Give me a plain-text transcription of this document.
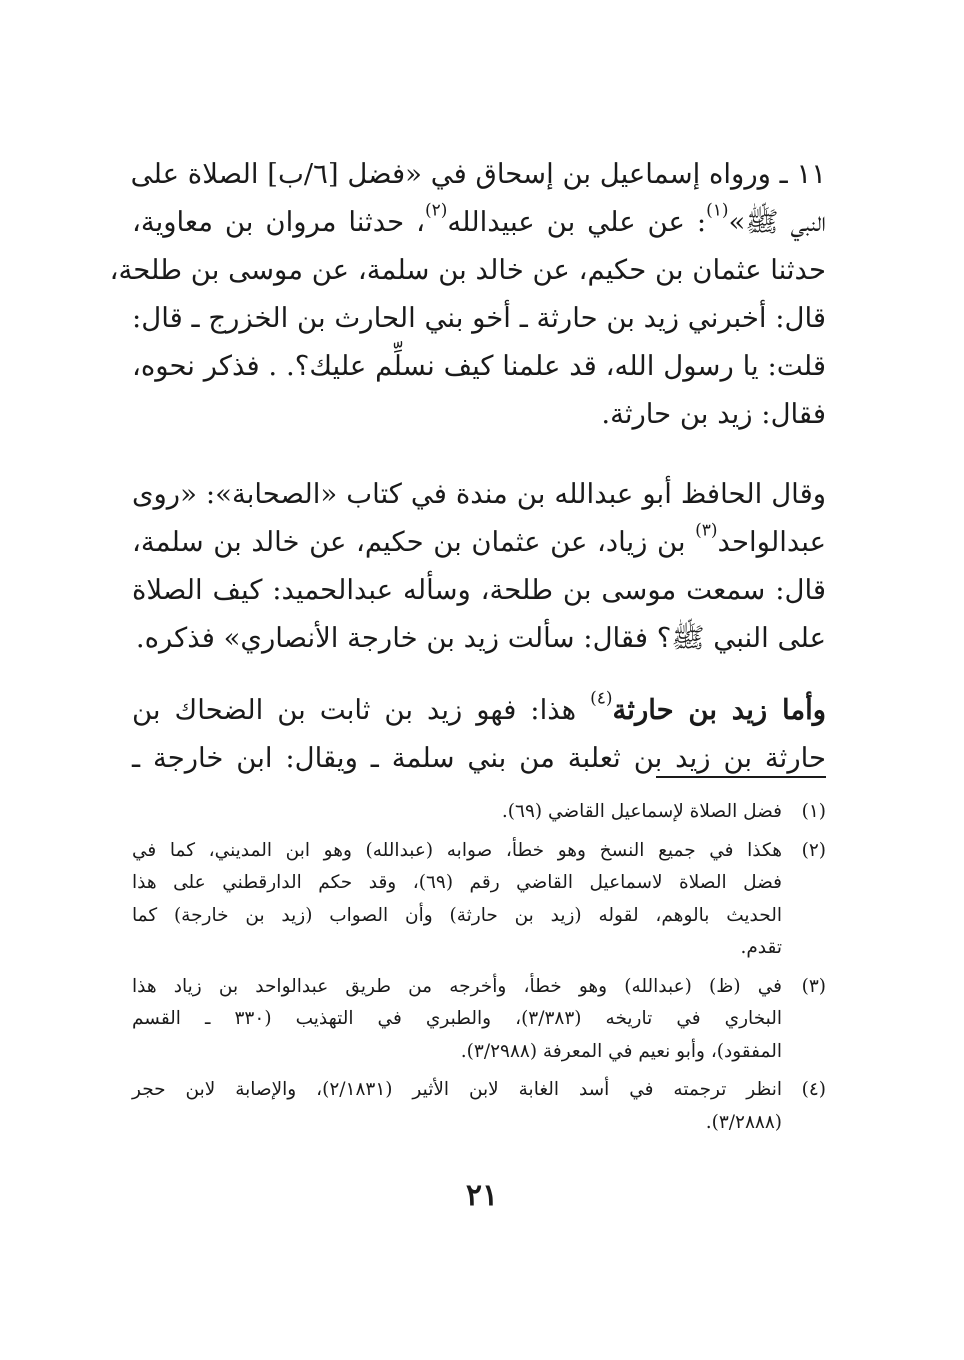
١١ ـ ورواه إسماعيل بن إسحاق في «فضل [٦/ب] الصلاة على
النبي ﷺ»$^{(١)}$: عن علي بن عبيدالله$^{(٢)}$، حدثنا مروان بن معاوية،
حدثنا عثمان بن حكيم، عن خالد بن سلمة، عن موسى بن طلحة،
قال: أخبرني زيد بن حارثة ـ أخو بني الحارث بن الخزرج ـ قال:
قلت: يا رسول الله، قد علمنا كيف نسلِّم عليك؟. . فذكر نحوه،
فقال: زيد بن حارثة.
وقال الحافظ أبو عبدالله بن مندة في كتاب «الصحابة»: «روى
عبدالواحد$^{(٣)}$ بن زياد، عن عثمان بن حكيم، عن خالد بن سلمة،
قال: سمعت موسى بن طلحة، وسأله عبدالحميد: كيف الصلاة
على النبي ﷺ؟ فقال: سألت زيد بن خارجة الأنصاري» فذكره.
وأما زيد بن حارثة$^{(٤)}$ هذا: فهو زيد بن ثابت بن الضحاك بن
حارثة بن زيد بن ثعلبة من بني سلمة ـ ويقال: ابن خارجة ـ
(١)
فضل الصلاة لإسماعيل القاضي (٦٩).
(٢)
هكذا في جميع النسخ وهو خطأ، صوابه (عبدالله) وهو ابن المديني، كما في
فضل الصلاة لاسماعيل القاضي رقم (٦٩)، وقد حكم الدارقطني على هذا
الحديث بالوهم، لقوله (زيد بن حارثة) وأن الصواب (زيد بن خارجة) كما
تقدم.
(٣)
في (ظ) (عبدالله) وهو خطأ، وأخرجه من طريق عبدالواحد بن زياد هذا
البخاري في تاريخه (٣/٣٨٣)، والطبري في التهذيب (٣٣٠ ـ القسم
المفقود)، وأبو نعيم في المعرفة (٣/٢٩٨٨).
(٤)
انظر ترجمته في أسد الغابة لابن الأثير (٢/١٨٣١)، والإصابة لابن حجر
(٣/٢٨٨٨).
٢١
